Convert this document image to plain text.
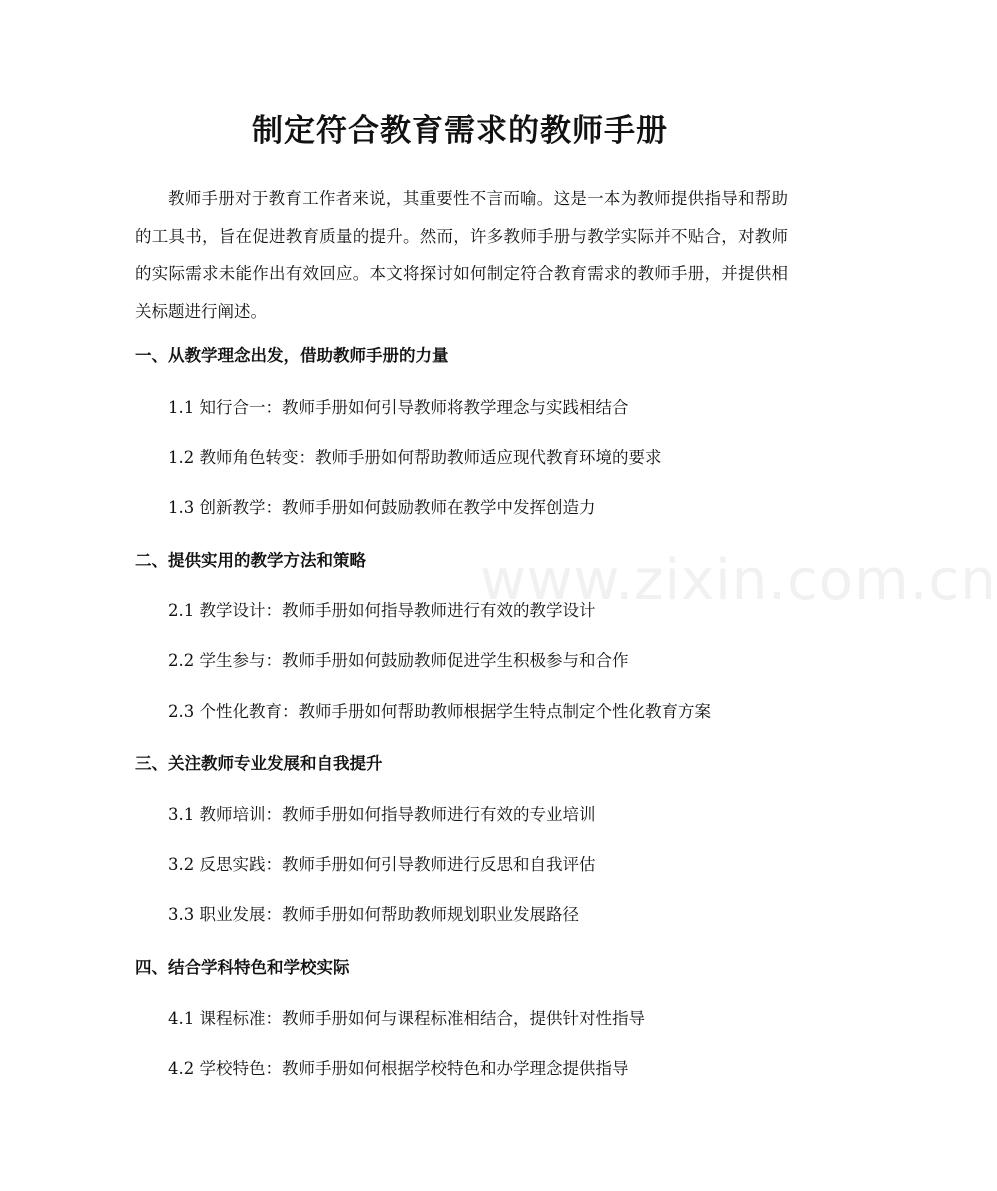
制定符合教育需求的教师手册

教师手册对于教育工作者来说，其重要性不言而喻。这是一本为教师提供指导和帮助的工具书，旨在促进教育质量的提升。然而，许多教师手册与教学实际并不贴合，对教师的实际需求未能作出有效回应。本文将探讨如何制定符合教育需求的教师手册，并提供相关标题进行阐述。

一、从教学理念出发，借助教师手册的力量

1.1 知行合一：教师手册如何引导教师将教学理念与实践相结合

1.2 教师角色转变：教师手册如何帮助教师适应现代教育环境的要求

1.3 创新教学：教师手册如何鼓励教师在教学中发挥创造力

二、提供实用的教学方法和策略

2.1 教学设计：教师手册如何指导教师进行有效的教学设计

2.2 学生参与：教师手册如何鼓励教师促进学生积极参与和合作

2.3 个性化教育：教师手册如何帮助教师根据学生特点制定个性化教育方案

三、关注教师专业发展和自我提升

3.1 教师培训：教师手册如何指导教师进行有效的专业培训

3.2 反思实践：教师手册如何引导教师进行反思和自我评估

3.3 职业发展：教师手册如何帮助教师规划职业发展路径

四、结合学科特色和学校实际

4.1 课程标准：教师手册如何与课程标准相结合，提供针对性指导

4.2 学校特色：教师手册如何根据学校特色和办学理念提供指导

www.zixin.com.cn
